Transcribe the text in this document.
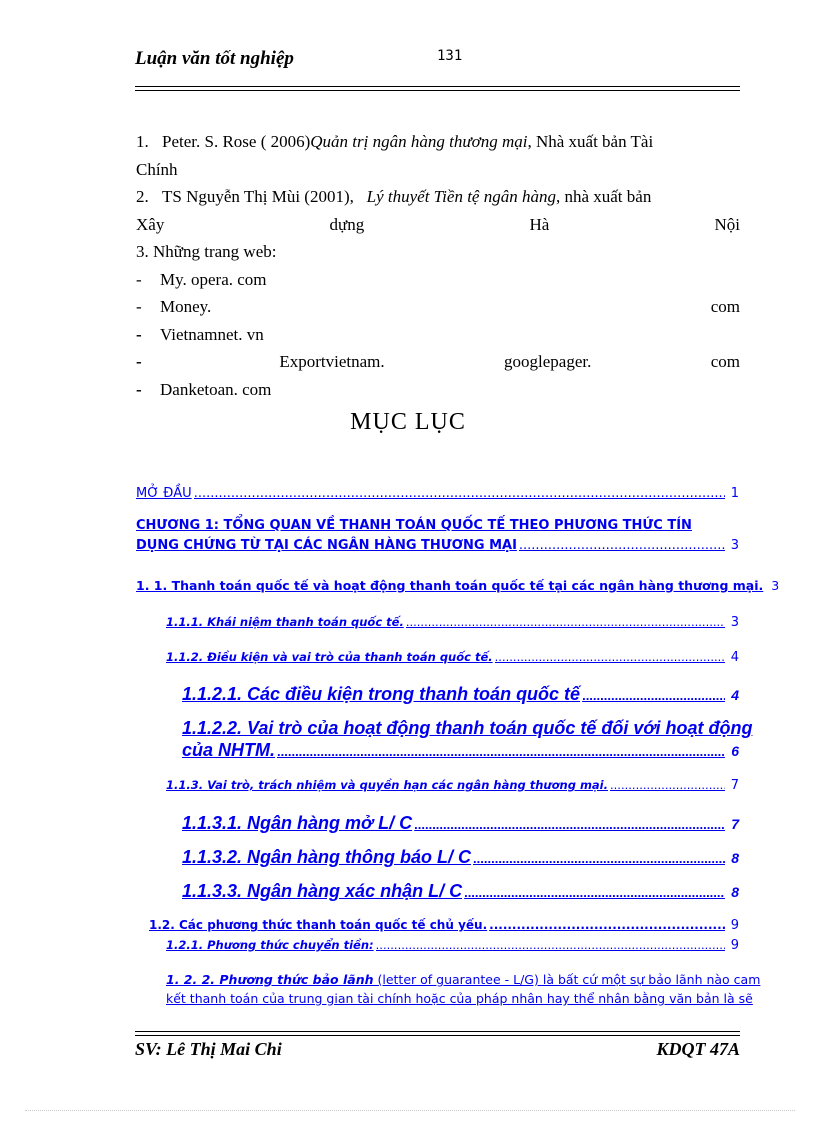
Luận văn tốt nghiệp	131
1. Peter. S. Rose ( 2006)Quản trị ngân hàng thương mại, Nhà xuất bản Tài
Chính
2. TS Nguyễn Thị Mùi (2001),
Lý thuyết Tiền tệ ngân hàng , nhà xuất bản
Xây	dựng	Hà	Nội
3. Những trang web:
-	My. opera. com
- Money.	com
-	Vietnamnet. vn
-	Exportvietnam.	googlepager.	com
-	Danketoan. com
MỤC LỤC
MỞ ĐẦU .....	1
CHƯƠNG 1: TỔNG QUAN VỀ THANH TOÁN QUỐC TẾ THEO PHƯƠNG THỨC TÍN
DỤNG CHỨNG TỪ TẠI CÁC NGÂN HÀNG THƯƠNG MẠI .....	3
1. 1. Thanh toán quốc tế và hoạt động thanh toán quốc tế tại các ngân hàng thương mại. 3
1.1.1. Khái niệm thanh toán quốc tế. .....	3
1.1.2. Điều kiện và vai trò của thanh toán quốc tế. .....	4
1.1.2.1. Các điều kiện trong thanh toán quốc tế .....	4
1.1.2.2. Vai trò của hoạt động thanh toán quốc tế đối với hoạt động
của NHTM. .....	6
1.1.3. Vai trò, trách nhiệm và quyền hạn các ngân hàng thương mại. .....	7
1.1.3.1. Ngân hàng mở L/ C .....	7
1.1.3.2. Ngân hàng thông báo L/ C .....	8
1.1.3.3. Ngân hàng xác nhận L/ C .....	8
1.2. Các phương thức thanh toán quốc tế chủ yếu. .....	9
1.2.1. Phương thức chuyển tiền: .....	9
1. 2. 2. Phương thức bảo lãnh (letter of guarantee - L/G) là bất cứ một sự bảo lãnh nào cam
kết thanh toán của trung gian tài chính hoặc của pháp nhân hay thể nhân bằng văn bản là sẽ
SV: Lê Thị Mai Chi	KDQT 47A
